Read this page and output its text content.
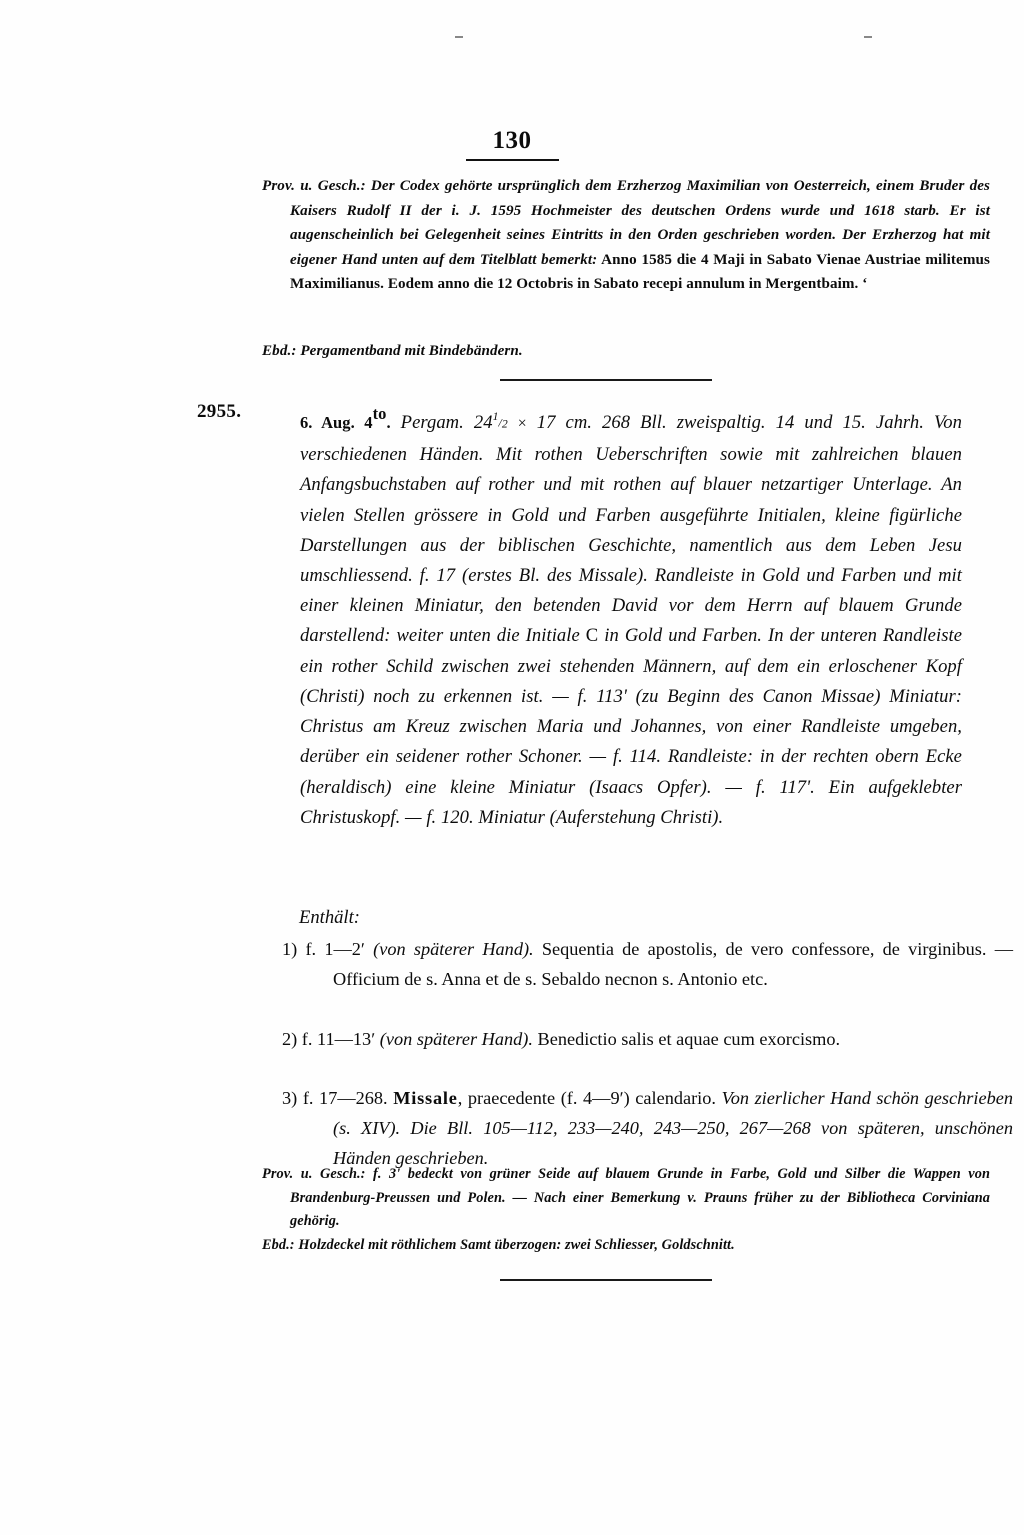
130
Prov. u. Gesch.: Der Codex gehörte ursprünglich dem Erzherzog Maximilian von Oesterreich, einem Bruder des Kaisers Rudolf II der i. J. 1595 Hochmeister des deutschen Ordens wurde und 1618 starb. Er ist augenscheinlich bei Gelegenheit seines Eintritts in den Orden geschrieben worden. Der Erzherzog hat mit eigener Hand unten auf dem Titelblatt bemerkt: Anno 1585 die 4 Maji in Sabato Vienae Austriae militemus Maximilianus. Eodem anno die 12 Octobris in Sabato recepi annulum in Mergentbaim. ʻ
Ebd.: Pergamentband mit Bindebändern.
2955.
6. Aug. $4^{to}$. Pergam. 241/2 × 17 cm. 268 Bll. zweispaltig. 14 und 15. Jahrh. Von verschiedenen Händen. Mit rothen Ueberschriften sowie mit zahlreichen blauen Anfangsbuchstaben auf rother und mit rothen auf blauer netzartiger Unterlage. An vielen Stellen grössere in Gold und Farben ausgeführte Initialen, kleine figürliche Darstellungen aus der biblischen Geschichte, namentlich aus dem Leben Jesu umschliessend. f. 17 (erstes Bl. des Missale). Randleiste in Gold und Farben und mit einer kleinen Miniatur, den betenden David vor dem Herrn auf blauem Grunde darstellend: weiter unten die Initiale C in Gold und Farben. In der unteren Randleiste ein rother Schild zwischen zwei stehenden Männern, auf dem ein erloschener Kopf (Christi) noch zu erkennen ist. — f. 113ʹ (zu Beginn des Canon Missae) Miniatur: Christus am Kreuz zwischen Maria und Johannes, von einer Randleiste umgeben, derüber ein seidener rother Schoner. — f. 114. Randleiste: in der rechten obern Ecke (heraldisch) eine kleine Miniatur (Isaacs Opfer). — f. 117ʹ. Ein aufgeklebter Christuskopf. — f. 120. Miniatur (Auferstehung Christi).
Enthält:
1) f. 1—2ʹ (von späterer Hand). Sequentia de apostolis, de vero confessore, de virginibus. — Officium de s. Anna et de s. Sebaldo necnon s. Antonio etc.
2) f. 11—13ʹ (von späterer Hand). Benedictio salis et aquae cum exorcismo.
3) f. 17—268. Missale, praecedente (f. 4—9ʹ) calendario. Von zierlicher Hand schön geschrieben (s. XIV). Die Bll. 105—112, 233—240, 243—250, 267—268 von späteren, unschönen Händen geschrieben.
Prov. u. Gesch.: f. 3ʹ bedeckt von grüner Seide auf blauem Grunde in Farbe, Gold und Silber die Wappen von Brandenburg-Preussen und Polen. — Nach einer Bemerkung v. Prauns früher zu der Bibliotheca Corviniana gehörig.
Ebd.: Holzdeckel mit röthlichem Samt überzogen: zwei Schliesser, Goldschnitt.
